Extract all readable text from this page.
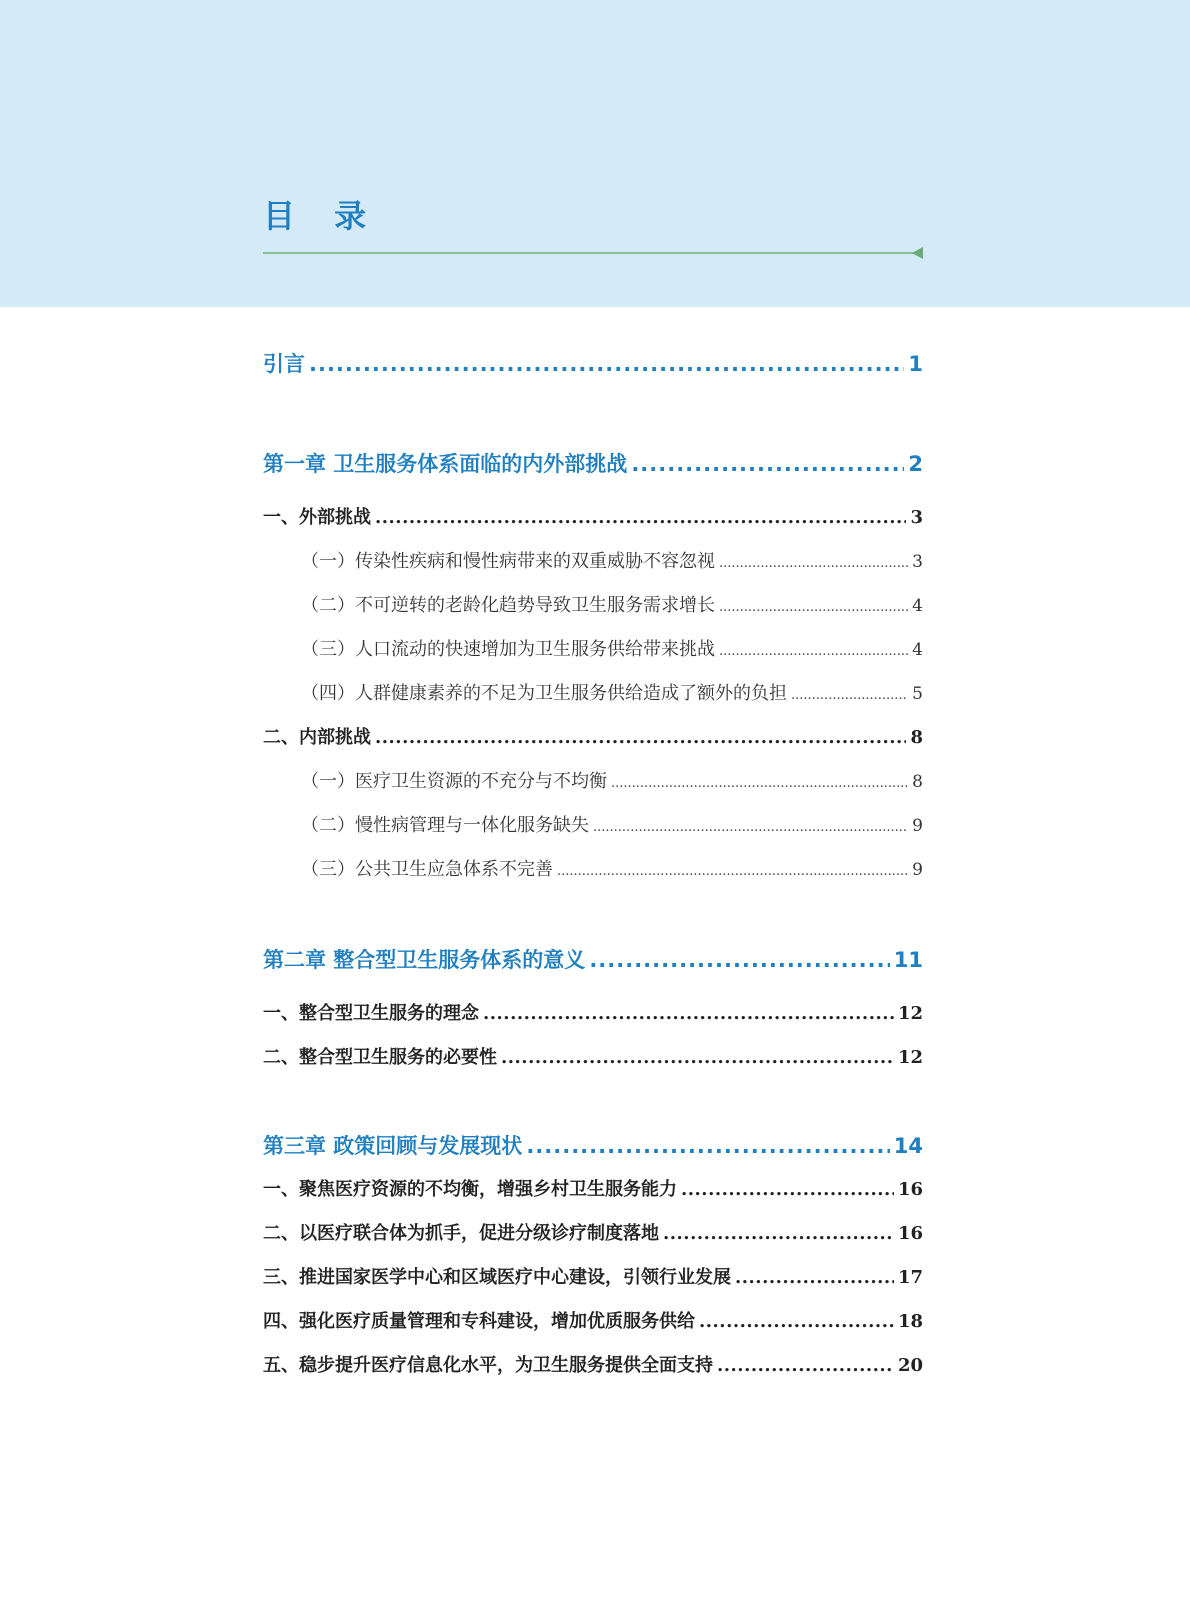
目 录
引言 .....	1
第一章 卫生服务体系面临的内外部挑战 .....	2
一、外部挑战 .....	3
（一）传染性疾病和慢性病带来的双重威胁不容忽视 .....	3
（二）不可逆转的老龄化趋势导致卫生服务需求增长 .....	4
（三）人口流动的快速增加为卫生服务供给带来挑战 .....	4
（四）人群健康素养的不足为卫生服务供给造成了额外的负担 .....	5
二、内部挑战 .....	8
（一）医疗卫生资源的不充分与不均衡 .....	8
（二）慢性病管理与一体化服务缺失 .....	9
（三）公共卫生应急体系不完善 .....	9
第二章 整合型卫生服务体系的意义 .....	11
一、整合型卫生服务的理念 .....	12
二、整合型卫生服务的必要性 .....	12
第三章 政策回顾与发展现状 .....	14
一、聚焦医疗资源的不均衡，增强乡村卫生服务能力 .....	16
二、以医疗联合体为抓手，促进分级诊疗制度落地 .....	16
三、推进国家医学中心和区域医疗中心建设，引领行业发展 .....	17
四、强化医疗质量管理和专科建设，增加优质服务供给 .....	18
五、稳步提升医疗信息化水平，为卫生服务提供全面支持 .....	20
